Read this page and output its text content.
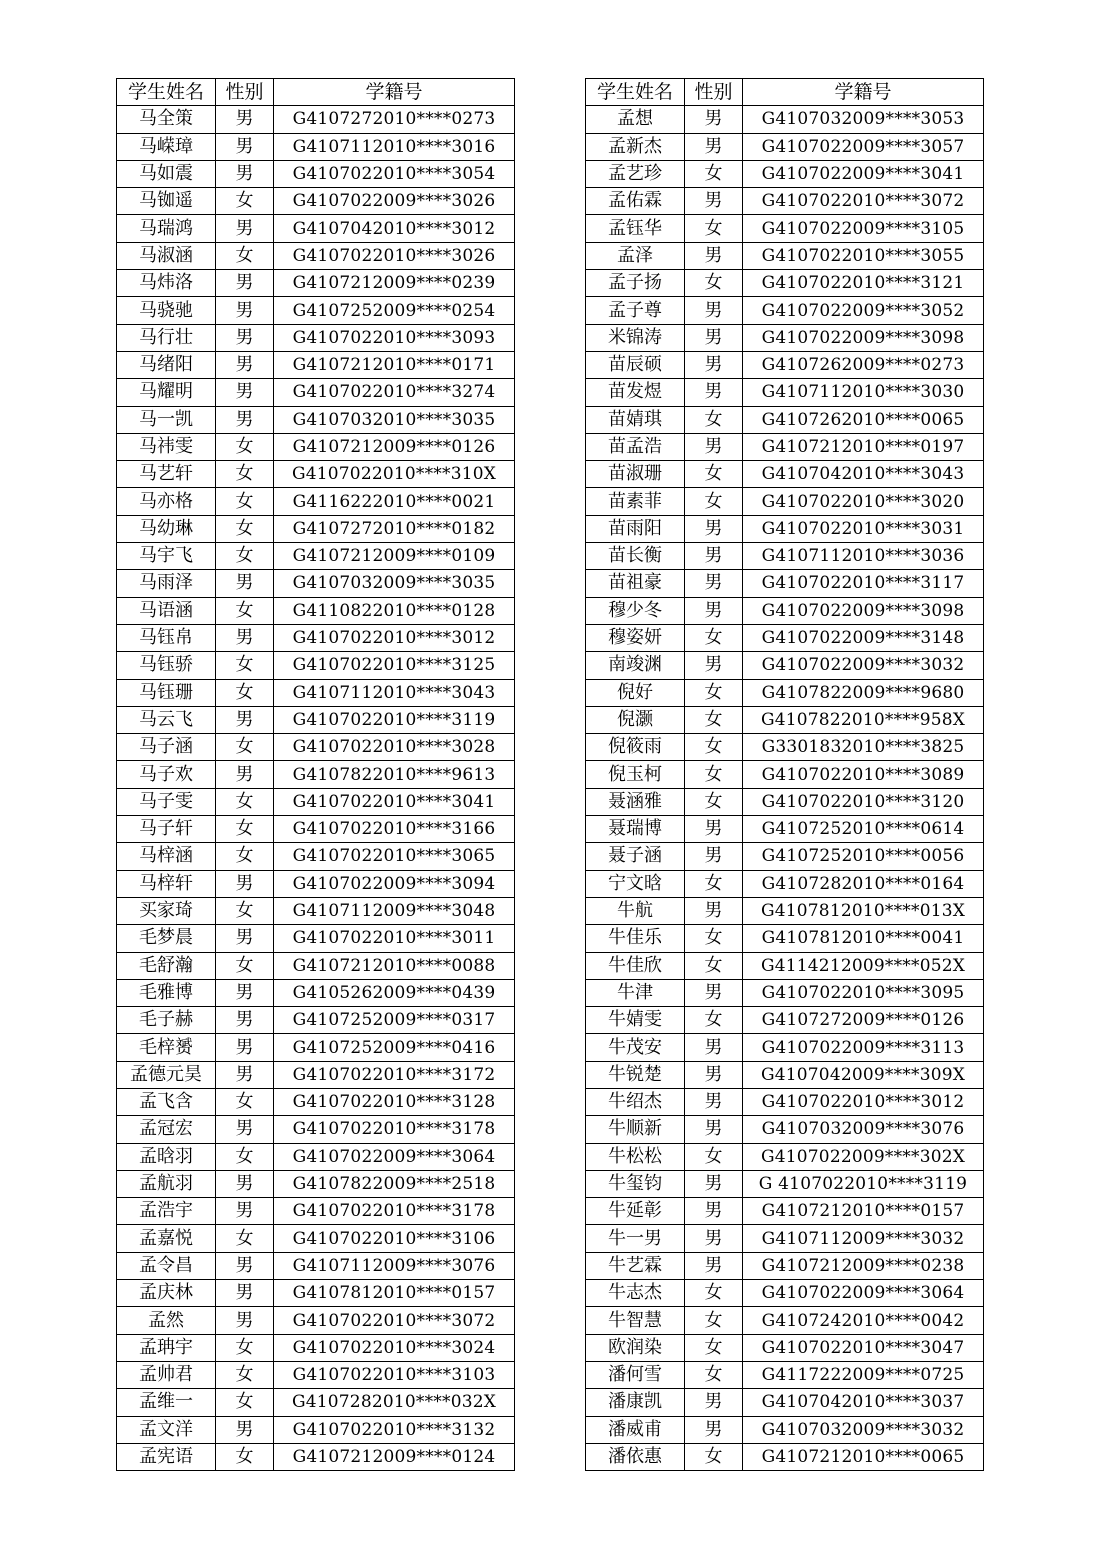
学生姓名	性别	学籍号
马全策	男	G4107272010****0273
马嵘璋	男	G4107112010****3016
马如震	男	G4107022010****3054
马铷遥	女	G4107022009****3026
马瑞鸿	男	G4107042010****3012
马淑涵	女	G4107022010****3026
马炜洛	男	G4107212009****0239
马骁驰	男	G4107252009****0254
马行壮	男	G4107022010****3093
马绪阳	男	G4107212010****0171
马耀明	男	G4107022010****3274
马一凯	男	G4107032010****3035
马祎雯	女	G4107212009****0126
马艺轩	女	G4107022010****310X
马亦格	女	G4116222010****0021
马幼琳	女	G4107272010****0182
马宇飞	女	G4107212009****0109
马雨泽	男	G4107032009****3035
马语涵	女	G4110822010****0128
马钰帛	男	G4107022010****3012
马钰骄	女	G4107022010****3125
马钰珊	女	G4107112010****3043
马云飞	男	G4107022010****3119
马子涵	女	G4107022010****3028
马子欢	男	G4107822010****9613
马子雯	女	G4107022010****3041
马子轩	女	G4107022010****3166
马梓涵	女	G4107022010****3065
马梓轩	男	G4107022009****3094
买家琦	女	G4107112009****3048
毛梦晨	男	G4107022010****3011
毛舒瀚	女	G4107212010****0088
毛雅博	男	G4105262009****0439
毛子赫	男	G4107252009****0317
毛梓赟	男	G4107252009****0416
孟德元昊	男	G4107022010****3172
孟飞含	女	G4107022010****3128
孟冠宏	男	G4107022010****3178
孟晗羽	女	G4107022009****3064
孟航羽	男	G4107822009****2518
孟浩宇	男	G4107022010****3178
孟嘉悦	女	G4107022010****3106
孟令昌	男	G4107112009****3076
孟庆林	男	G4107812010****0157
孟然	男	G4107022010****3072
孟珃宇	女	G4107022010****3024
孟帅君	女	G4107022010****3103
孟维一	女	G4107282010****032X
孟文洋	男	G4107022010****3132
孟宪语	女	G4107212009****0124
学生姓名	性别	学籍号
孟想	男	G4107032009****3053
孟新杰	男	G4107022009****3057
孟艺珍	女	G4107022009****3041
孟佑霖	男	G4107022010****3072
孟钰华	女	G4107022009****3105
孟泽	男	G4107022010****3055
孟子扬	女	G4107022010****3121
孟子尊	男	G4107022009****3052
米锦涛	男	G4107022009****3098
苗辰硕	男	G4107262009****0273
苗发煜	男	G4107112010****3030
苗婧琪	女	G4107262010****0065
苗孟浩	男	G4107212010****0197
苗淑珊	女	G4107042010****3043
苗素菲	女	G4107022010****3020
苗雨阳	男	G4107022010****3031
苗长衡	男	G4107112010****3036
苗祖豪	男	G4107022010****3117
穆少冬	男	G4107022009****3098
穆姿妍	女	G4107022009****3148
南竣渊	男	G4107022009****3032
倪好	女	G4107822009****9680
倪灏	女	G4107822010****958X
倪筱雨	女	G3301832010****3825
倪玉柯	女	G4107022010****3089
聂涵雅	女	G4107022010****3120
聂瑞博	男	G4107252010****0614
聂子涵	男	G4107252010****0056
宁文晗	女	G4107282010****0164
牛航	男	G4107812010****013X
牛佳乐	女	G4107812010****0041
牛佳欣	女	G4114212009****052X
牛津	男	G4107022010****3095
牛婧雯	女	G4107272009****0126
牛茂安	男	G4107022009****3113
牛锐楚	男	G4107042009****309X
牛绍杰	男	G4107022010****3012
牛顺新	男	G4107032009****3076
牛松松	女	G4107022009****302X
牛玺钧	男	G 4107022010****3119
牛延彰	男	G4107212010****0157
牛一男	男	G4107112009****3032
牛艺霖	男	G4107212009****0238
牛志杰	女	G4107022009****3064
牛智慧	女	G4107242010****0042
欧润染	女	G4107022010****3047
潘何雪	女	G4117222009****0725
潘康凯	男	G4107042010****3037
潘威甫	男	G4107032009****3032
潘依惠	女	G4107212010****0065
